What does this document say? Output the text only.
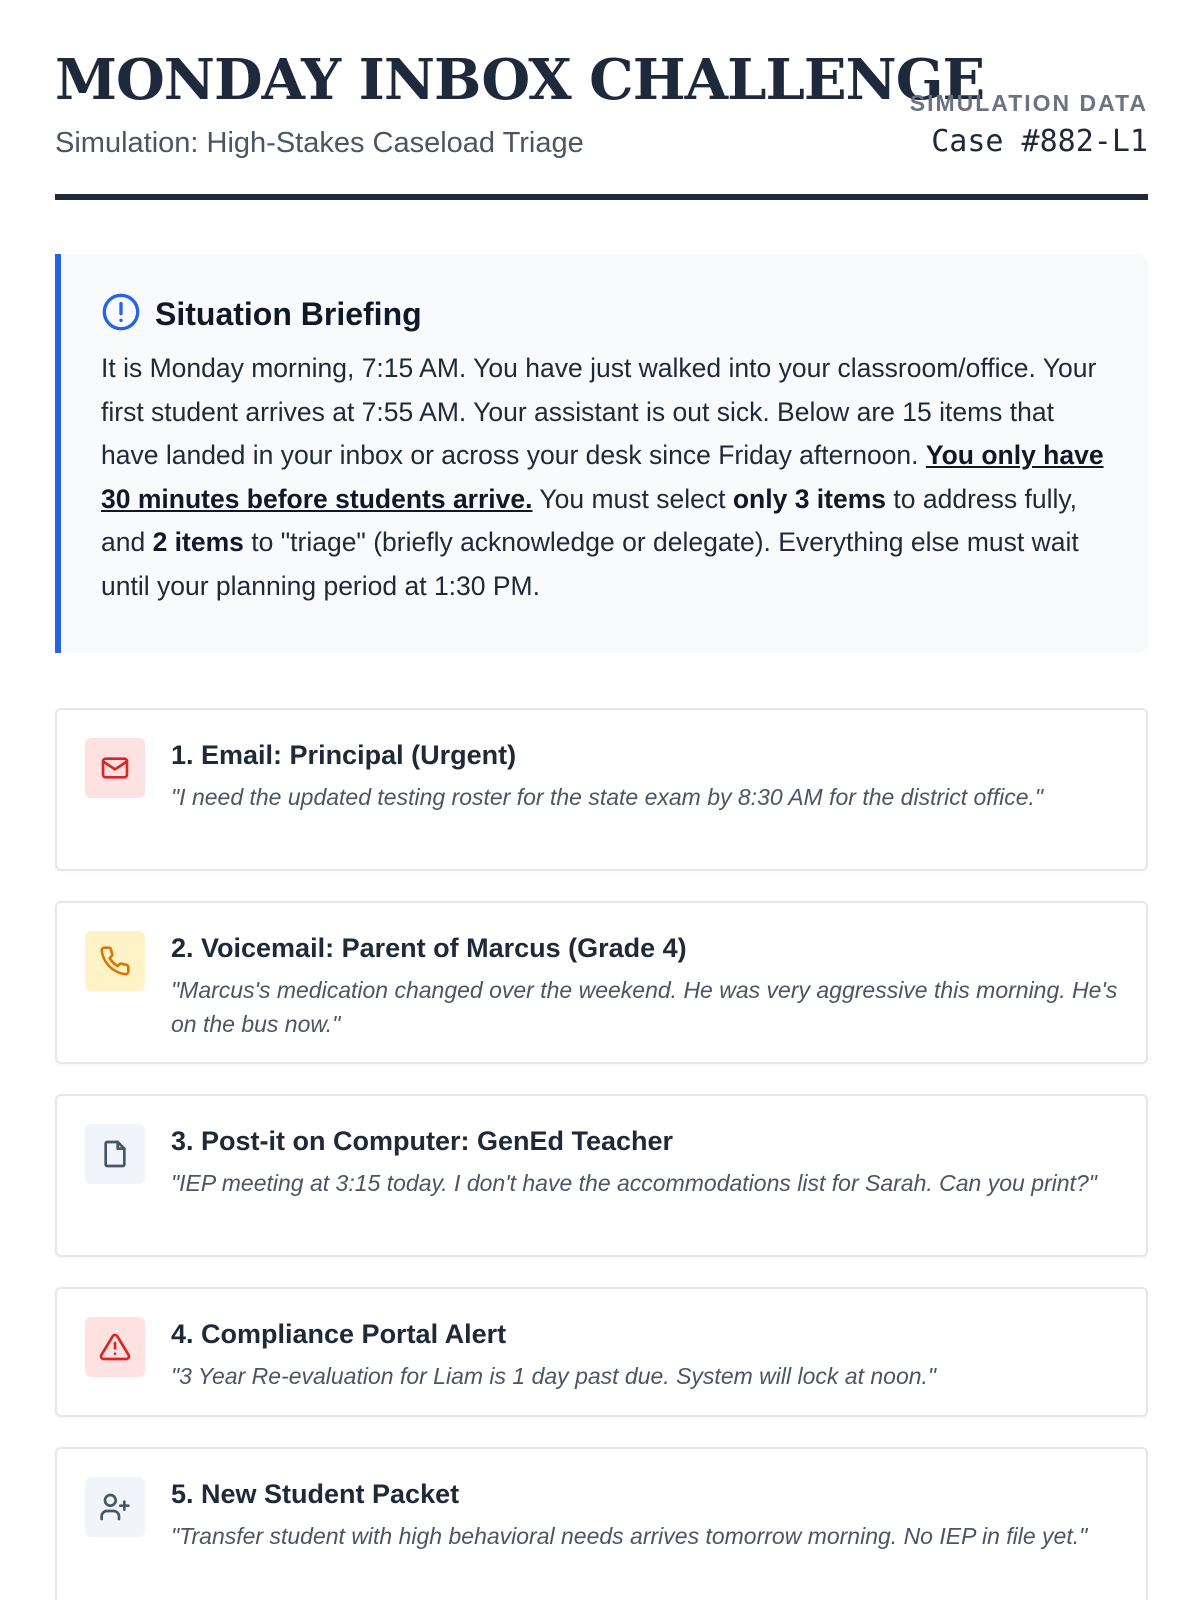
MONDAY INBOX CHALLENGE
Simulation: High-Stakes Caseload Triage
SIMULATION DATA
Case #882-L1
Situation Briefing
It is Monday morning, 7:15 AM. You have just walked into your classroom/office. Your first student arrives at 7:55 AM. Your assistant is out sick. Below are 15 items that have landed in your inbox or across your desk since Friday afternoon. You only have 30 minutes before students arrive. You must select only 3 items to address fully, and 2 items to "triage" (briefly acknowledge or delegate). Everything else must wait until your planning period at 1:30 PM.
1. Email: Principal (Urgent)
"I need the updated testing roster for the state exam by 8:30 AM for the district office."
2. Voicemail: Parent of Marcus (Grade 4)
"Marcus's medication changed over the weekend. He was very aggressive this morning. He's on the bus now."
3. Post-it on Computer: GenEd Teacher
"IEP meeting at 3:15 today. I don't have the accommodations list for Sarah. Can you print?"
4. Compliance Portal Alert
"3 Year Re-evaluation for Liam is 1 day past due. System will lock at noon."
5. New Student Packet
"Transfer student with high behavioral needs arrives tomorrow morning. No IEP in file yet."
